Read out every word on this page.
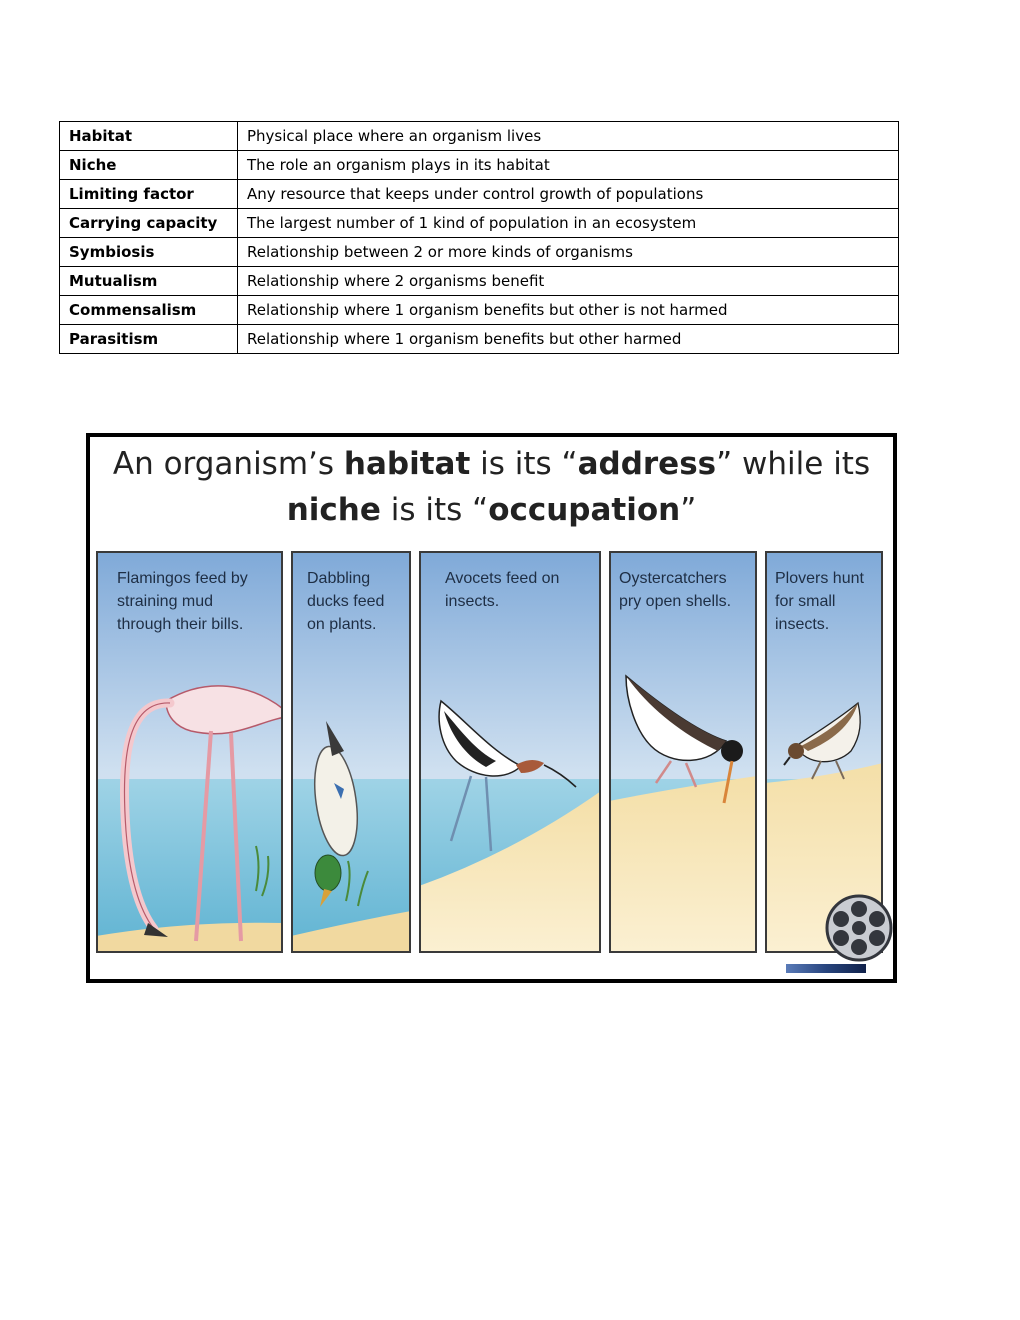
Habitat	Physical place where an organism lives
Niche	The role an organism plays in its habitat
Limiting factor	Any resource that keeps under control growth of populations
Carrying capacity	The largest number of 1 kind of population in an ecosystem
Symbiosis	Relationship between 2 or more kinds of organisms
Mutualism	Relationship where 2 organisms benefit
Commensalism	Relationship where 1 organism benefits but other is not harmed
Parasitism	Relationship where 1 organism benefits but other harmed
An organism’s habitat is its “address” while its
niche is its “occupation”
Flamingos feed by
straining mud
through their bills.
Dabbling
ducks feed
on plants.
Avocets feed on
insects.
Oystercatchers
pry open shells.
Plovers hunt
for small
insects.
